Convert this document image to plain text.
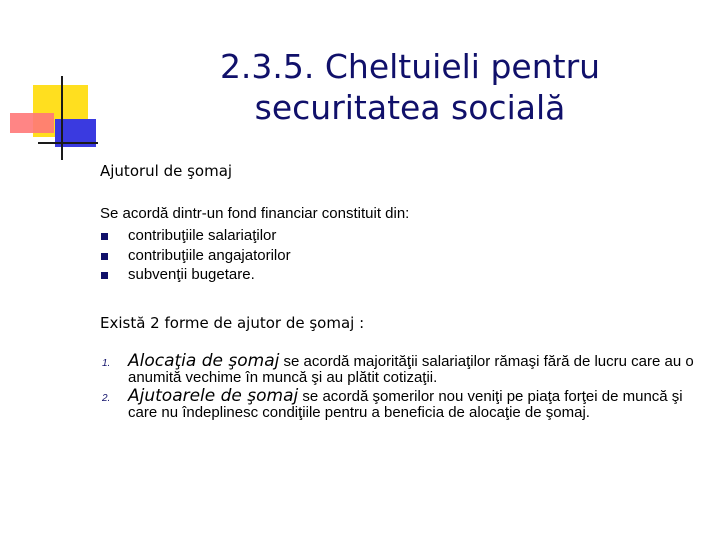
2.3.5. Cheltuieli pentru
securitatea socială
Ajutorul de şomaj
Se acordă dintr-un fond financiar constituit din:
contribuţiile salariaţilor
contribuţiile angajatorilor
subvenţii bugetare.
Există 2 forme de ajutor de şomaj :
1. Alocaţia de şomaj se acordă majorităţii salariaţilor rămaşi fără de lucru care au o anumită vechime în muncă şi au plătit cotizaţii.
2. Ajutoarele de şomaj se acordă şomerilor nou veniţi pe piaţa forţei de muncă şi care nu îndeplinesc condiţiile pentru a beneficia de alocaţie de şomaj.
